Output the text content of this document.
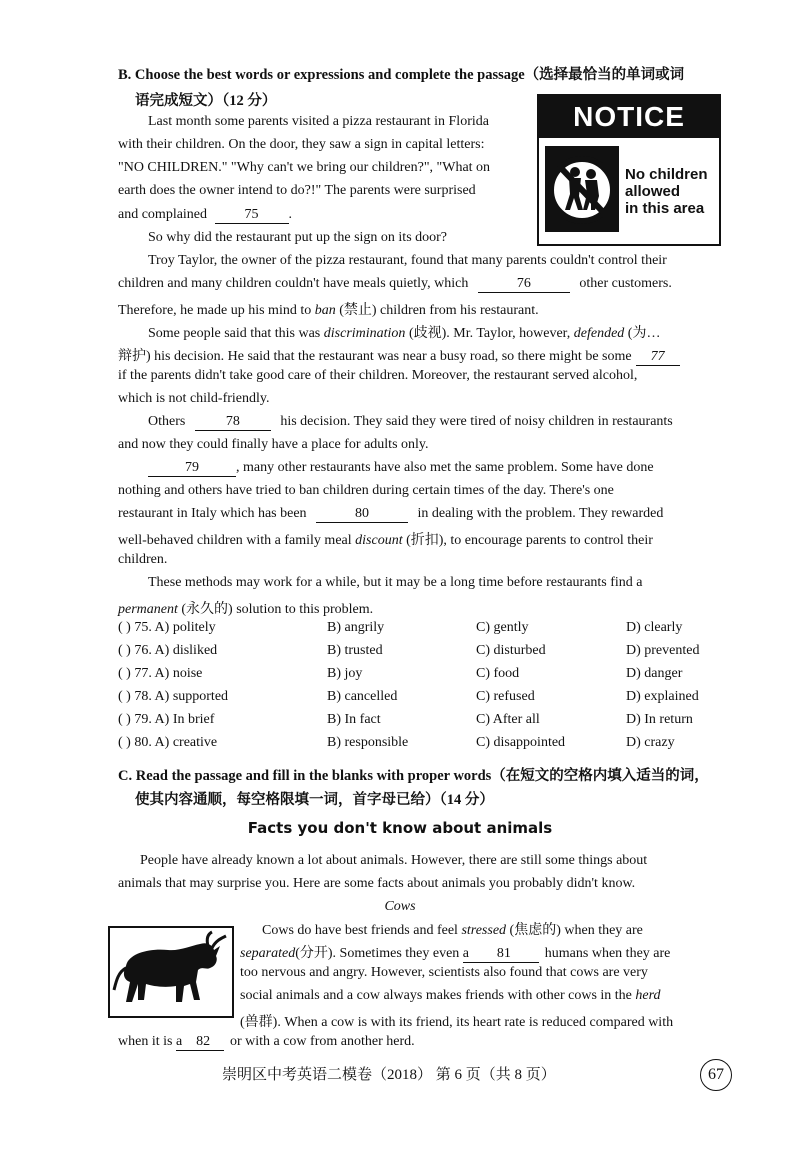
B. Choose the best words or expressions and complete the passage（选择最恰当的单词或词
语完成短文）（12 分）	NOTICE
No children
allowed
in this area
Last month some parents visited a pizza restaurant in Florida
with their children. On the door, they saw a sign in capital letters:
"NO CHILDREN." "Why can't we bring our children?", "What on
earth does the owner intend to do?!" The parents were surprised
and complained	75 .
So why did the restaurant put up the sign on its door?
Troy Taylor, the owner of the pizza restaurant, found that many parents couldn't control their
children and many children couldn't have meals quietly, which	76	other customers.
Therefore, he made up his mind to ban (禁止) children from his restaurant.
Some people said that this was discrimination (歧视). Mr. Taylor, however, defended (为…
辩护) his decision. He said that the restaurant was near a busy road, so there might be some 77
if the parents didn't take good care of their children. Moreover, the restaurant served alcohol,
which is not child-friendly.
Others	78	his decision. They said they were tired of noisy children in restaurants
and now they could finally have a place for adults only.
79	, many other restaurants have also met the same problem. Some have done
nothing and others have tried to ban children during certain times of the day. There's one
restaurant in Italy which has been	80	in dealing with the problem. They rewarded
well-behaved children with a family meal discount (折扣), to encourage parents to control their
children.
These methods may work for a while, but it may be a long time before restaurants find a
permanent (永久的) solution to this problem.
( ) 75. A) politely	B) angrily	C) gently	D) clearly
( ) 76. A) disliked	B) trusted	C) disturbed	D) prevented
( ) 77. A) noise	B) joy	C) food	D) danger
( ) 78. A) supported	B) cancelled	C) refused	D) explained
( ) 79. A) In brief	B) In fact	C) After all	D) In return
( ) 80. A) creative	B) responsible	C) disappointed	D) crazy
C. Read the passage and fill in the blanks with proper words（在短文的空格内填入适当的词，
使其内容通顺，每空格限填一词，首字母已给）（14 分）
Facts you don't know about animals
People have already known a lot about animals. However, there are still some things about
animals that may surprise you. Here are some facts about animals you probably didn't know.
Cows
Cows do have best friends and feel stressed (焦虑的) when they are
separated(分开). Sometimes they even a 81 humans when they are
too nervous and angry. However, scientists also found that cows are very
social animals and a cow always makes friends with other cows in the herd
(兽群). When a cow is with its friend, its heart rate is reduced compared with
when it is a 82 or with a cow from another herd.
崇明区中考英语二模卷（2018） 第 6 页（共 8 页）	67
